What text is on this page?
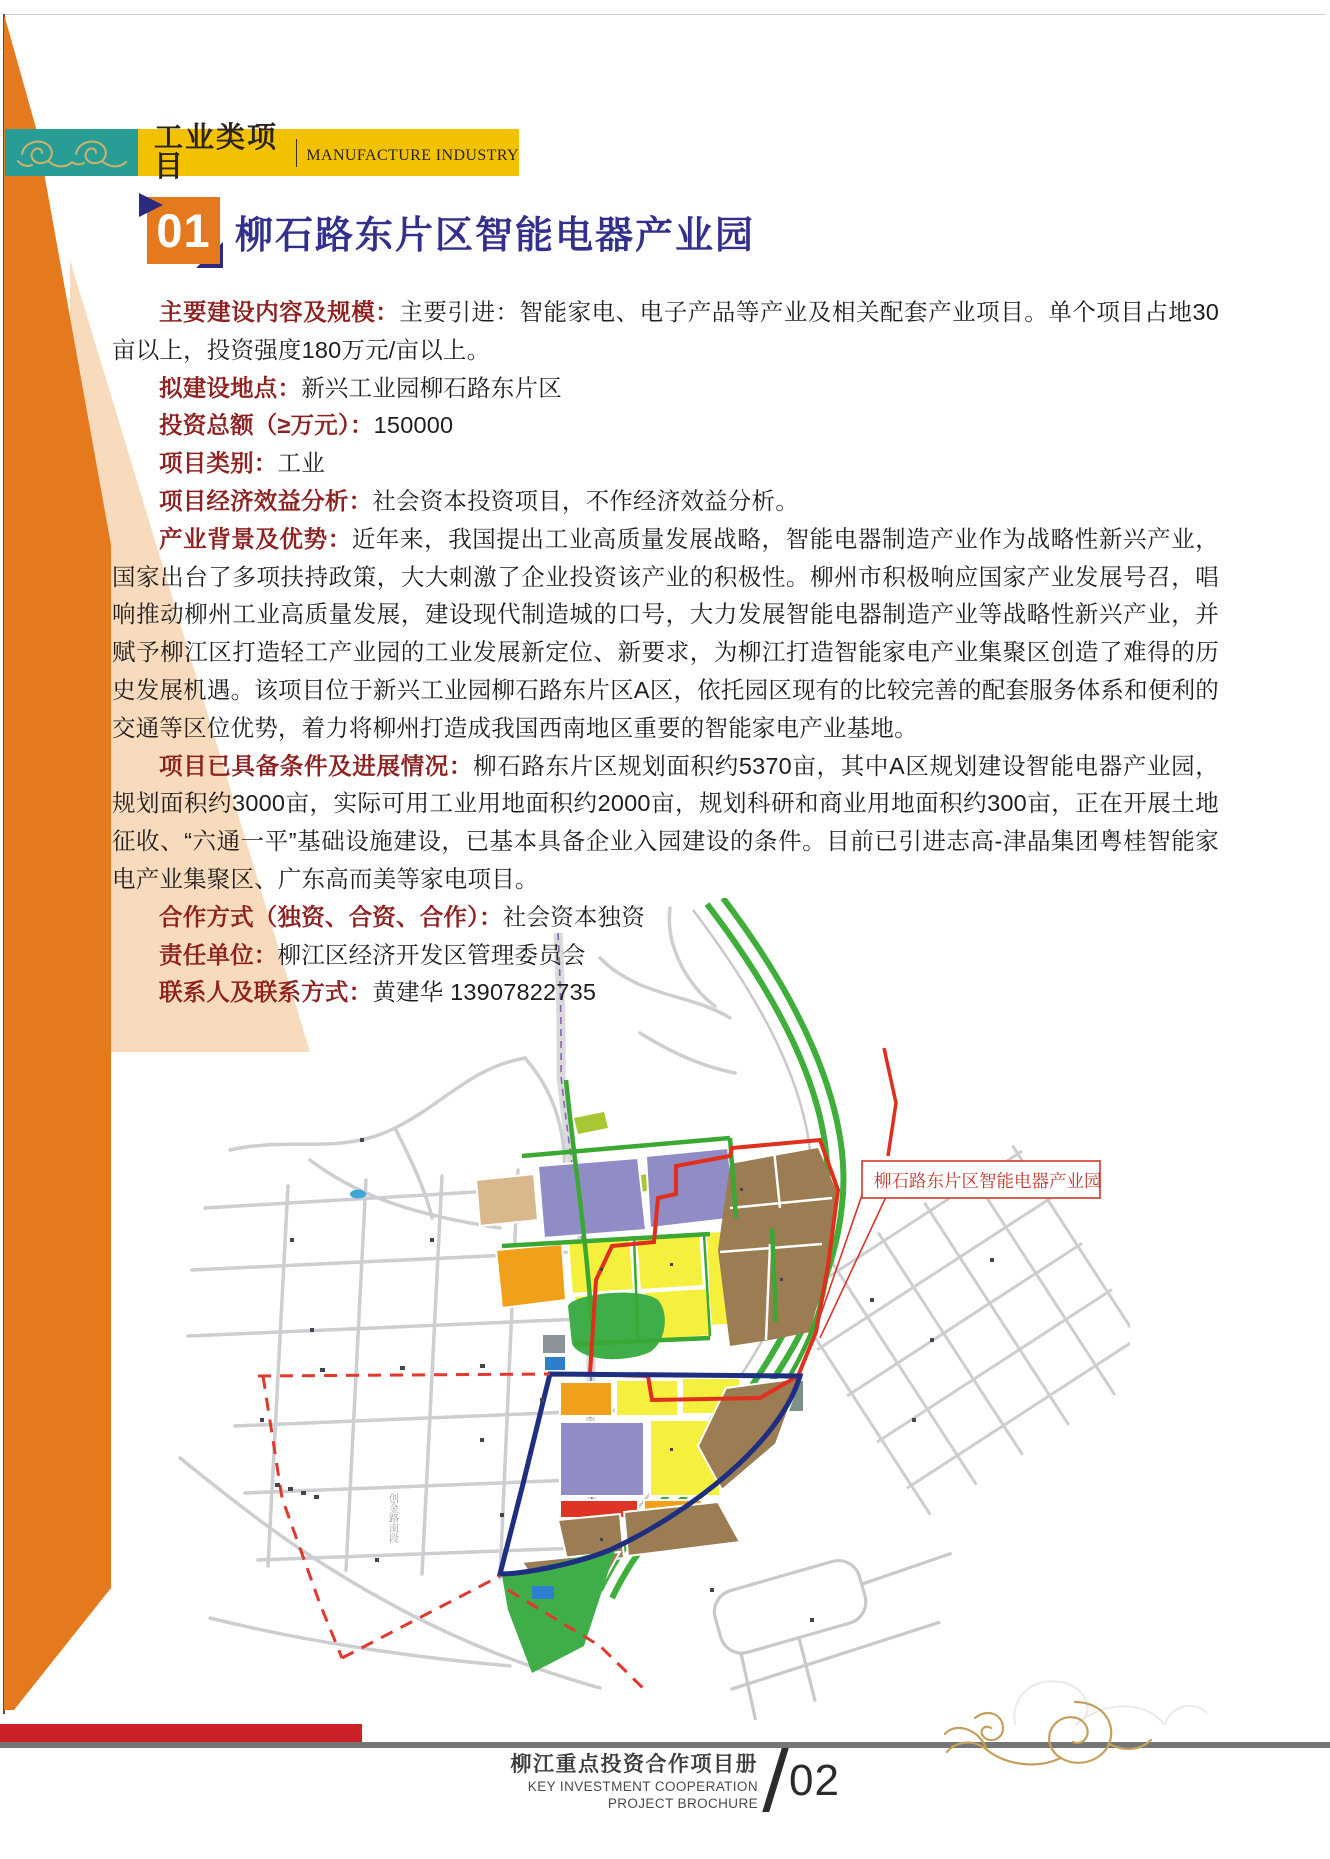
工业类项目	MANUFACTURE INDUSTRY
01 柳石路东片区智能电器产业园

主要建设内容及规模：主要引进：智能家电、电子产品等产业及相关配套产业项目。单个项目占地30亩以上，投资强度180万元/亩以上。

拟建设地点：新兴工业园柳石路东片区

投资总额（≥万元）：150000

项目类别：工业

项目经济效益分析：社会资本投资项目，不作经济效益分析。

产业背景及优势：近年来，我国提出工业高质量发展战略，智能电器制造产业作为战略性新兴产业，国家出台了多项扶持政策，大大刺激了企业投资该产业的积极性。柳州市积极响应国家产业发展号召，唱响推动柳州工业高质量发展，建设现代制造城的口号，大力发展智能电器制造产业等战略性新兴产业，并赋予柳江区打造轻工产业园的工业发展新定位、新要求，为柳江打造智能家电产业集聚区创造了难得的历史发展机遇。该项目位于新兴工业园柳石路东片区A区，依托园区现有的比较完善的配套服务体系和便利的交通等区位优势，着力将柳州打造成我国西南地区重要的智能家电产业基地。

项目已具备条件及进展情况：柳石路东片区规划面积约5370亩，其中A区规划建设智能电器产业园，规划面积约3000亩，实际可用工业用地面积约2000亩，规划科研和商业用地面积约300亩，正在开展土地征收、“六通一平”基础设施建设，已基本具备企业入园建设的条件。目前已引进志高-津晶集团粤桂智能家电产业集聚区、广东高而美等家电项目。

合作方式（独资、合资、合作）：社会资本独资

责任单位：柳江区经济开发区管理委员会

联系人及联系方式：黄建华 13907822735

创金路南段
柳石路东片区智能电器产业园
柳江重点投资合作项目册
KEY INVESTMENT COOPERATION
PROJECT BROCHURE 02
